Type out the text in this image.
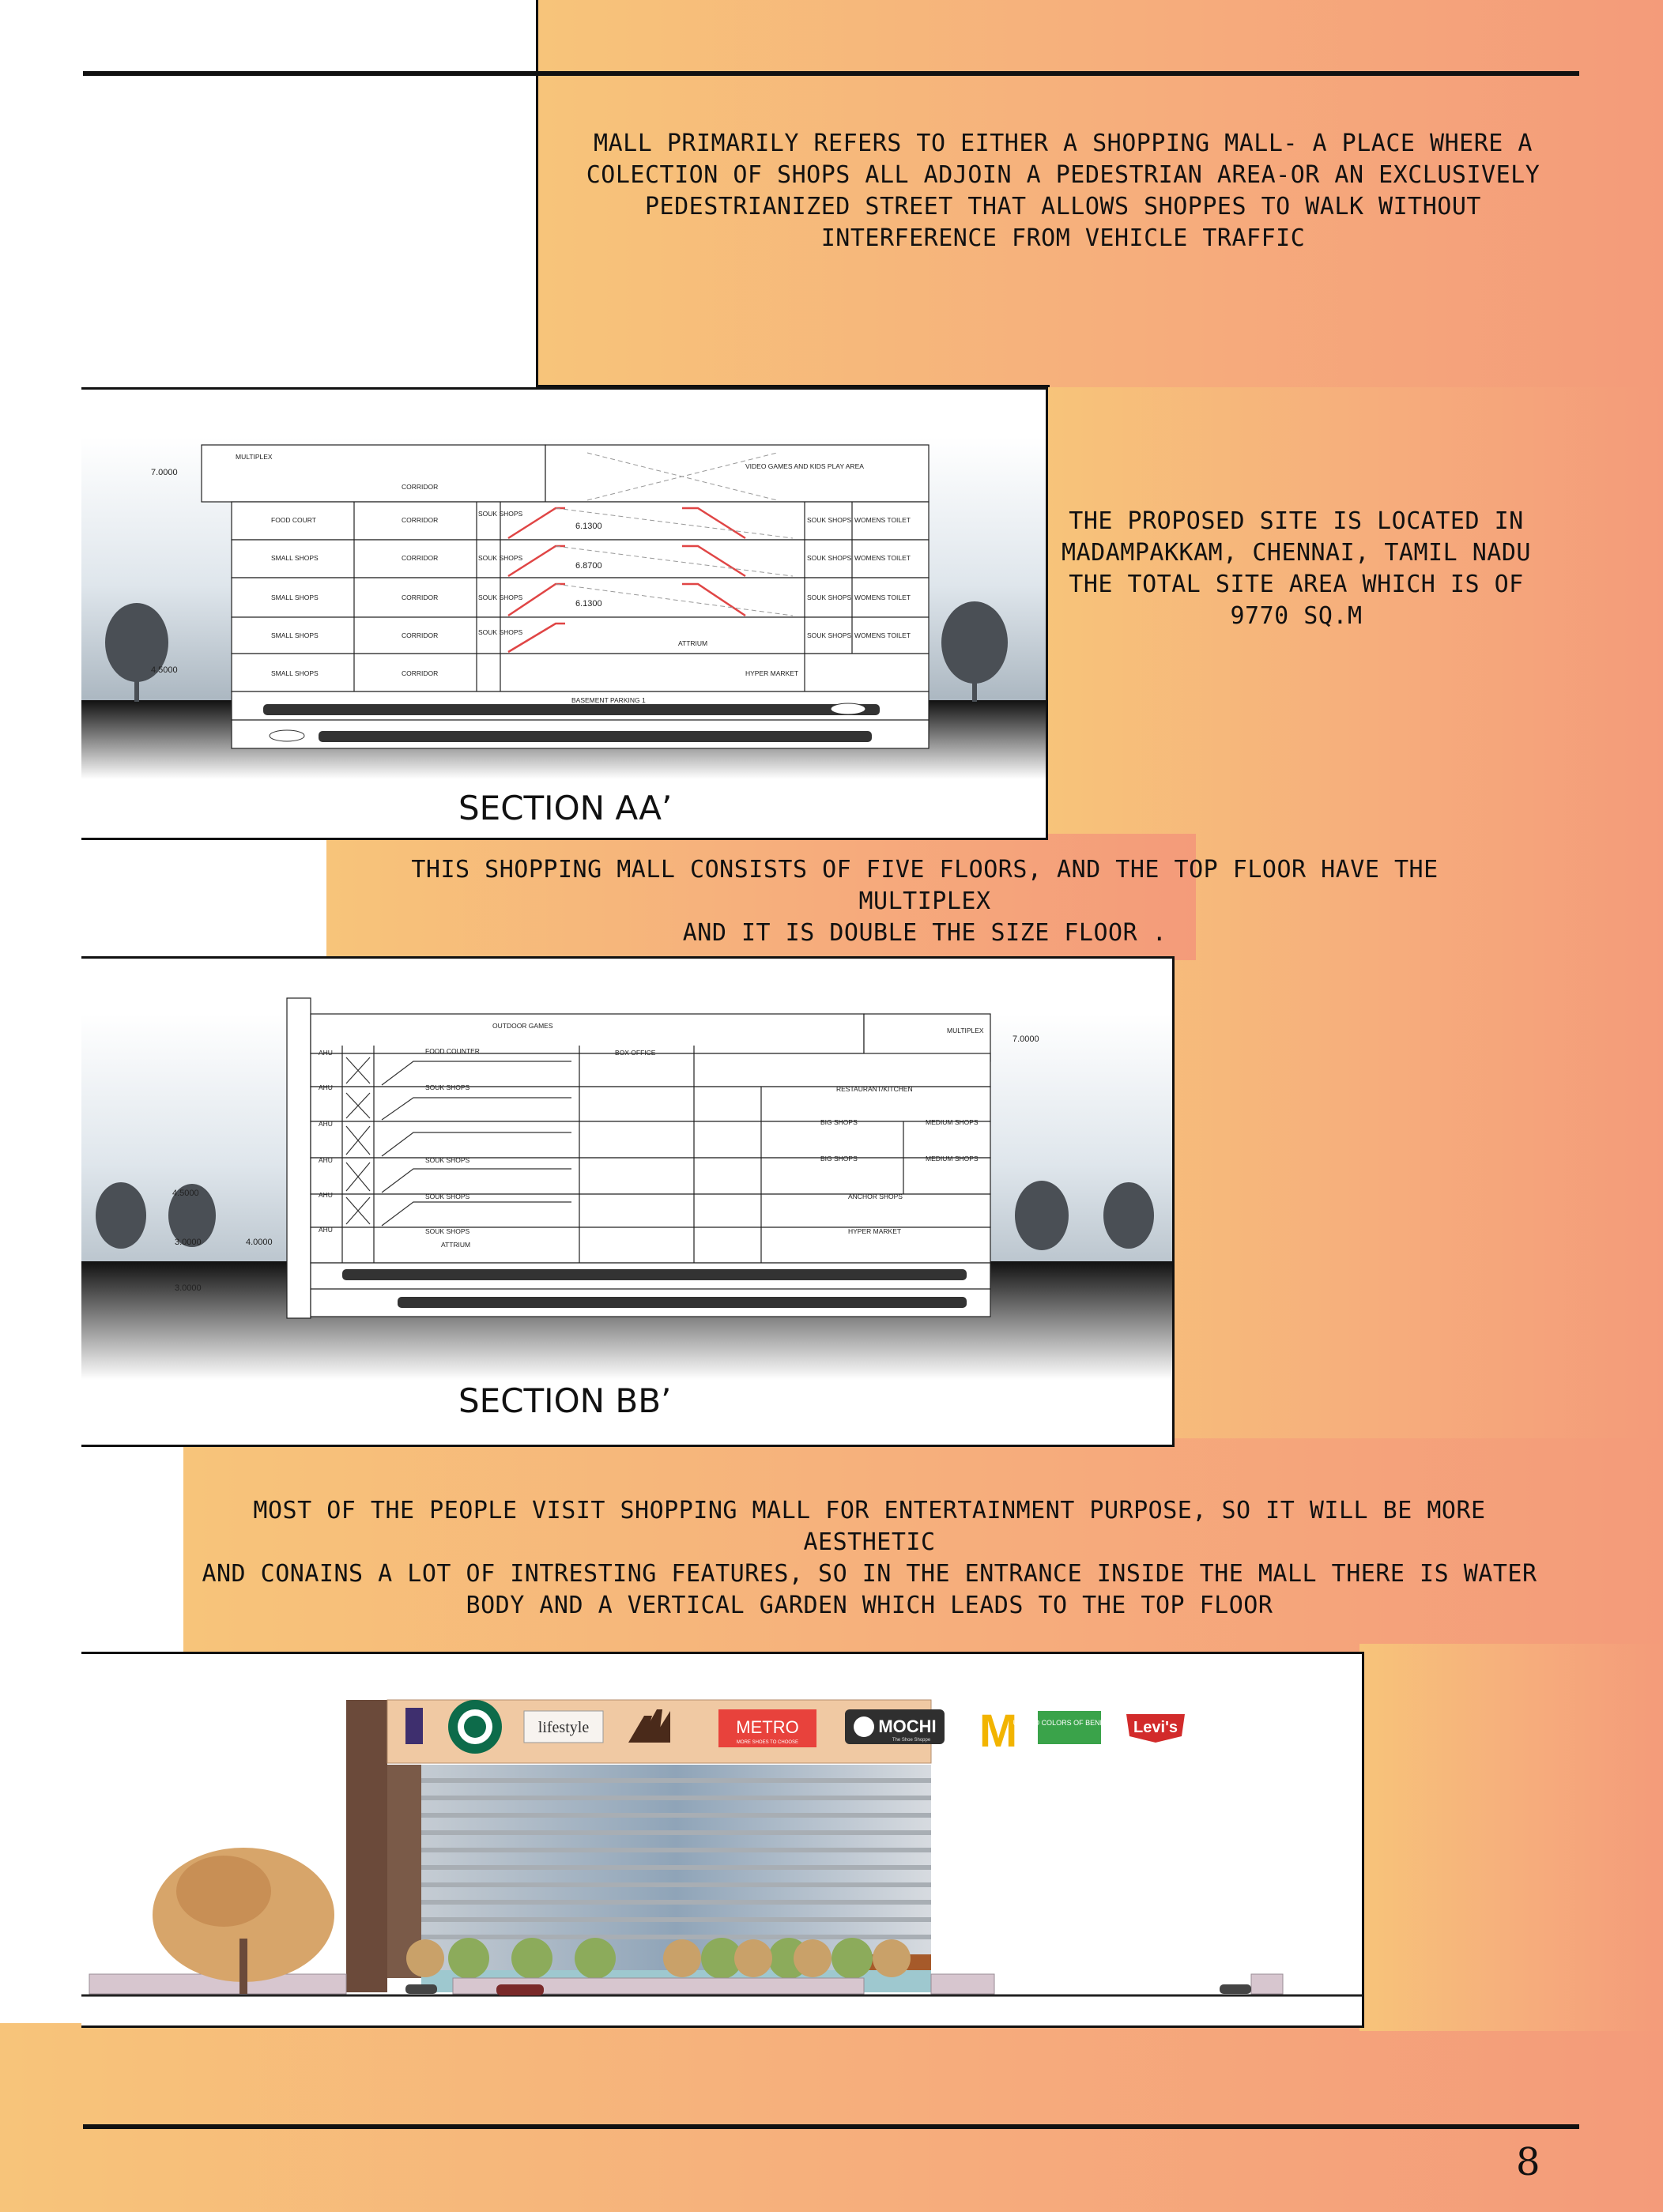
MALL PRIMARILY REFERS TO EITHER A SHOPPING MALL- A PLACE WHERE A
COLECTION OF SHOPS ALL ADJOIN A PEDESTRIAN AREA-OR AN EXCLUSIVELY
PEDESTRIANIZED STREET THAT ALLOWS SHOPPES TO WALK WITHOUT
INTERFERENCE FROM VEHICLE TRAFFIC
THE PROPOSED SITE IS LOCATED IN
MADAMPAKKAM, CHENNAI, TAMIL NADU
THE TOTAL SITE AREA WHICH IS OF
9770 SQ.M
THIS SHOPPING MALL CONSISTS OF FIVE FLOORS, AND THE TOP FLOOR HAVE THE MULTIPLEX
AND IT IS DOUBLE THE SIZE FLOOR .
MOST OF THE PEOPLE VISIT SHOPPING MALL FOR ENTERTAINMENT PURPOSE, SO IT WILL BE MORE AESTHETIC
AND CONAINS A LOT OF INTRESTING FEATURES, SO IN THE ENTRANCE INSIDE THE MALL THERE IS WATER
BODY AND A VERTICAL GARDEN WHICH LEADS TO THE TOP FLOOR
7.0000
4.5000
MULTIPLEX
CORRIDOR
VIDEO GAMES AND KIDS PLAY AREA
FOOD COURT	CORRIDOR
SOUK SHOPS
SOUK SHOPS WOMENS TOILET
SMALL SHOPS	CORRIDOR	SOUK SHOPS	SOUK SHOPS WOMENS TOILET
SMALL SHOPS	CORRIDOR	SOUK SHOPS	SOUK SHOPS WOMENS TOILET
SMALL SHOPS	CORRIDOR	SOUK SHOPS	SOUK SHOPS WOMENS TOILET
SMALL SHOPS	CORRIDOR
ATTRIUM
HYPER MARKET
BASEMENT PARKING 1
6.1300
6.8700
6.1300
SECTION AA’
7.0000
4.5000
3.0000
3.0000
4.0000
OUTDOOR GAMES
MULTIPLEX
FOOD COUNTER	BOX OFFICE
AHU
AHU
AHU
AHU
AHU
AHU
SOUK SHOPS	RESTAURANT/KITCHEN
BIG SHOPS	MEDIUM SHOPS
SOUK SHOPS	BIG SHOPS	MEDIUM SHOPS
SOUK SHOPS	ANCHOR SHOPS
SOUK SHOPS	HYPER MARKET
ATTRIUM
SECTION BB’
lifestyle	METRO
MORE SHOES TO CHOOSE
MOCHI
The Shoe Shoppe M
UNITED COLORS OF BENETTON. Levi's
8
